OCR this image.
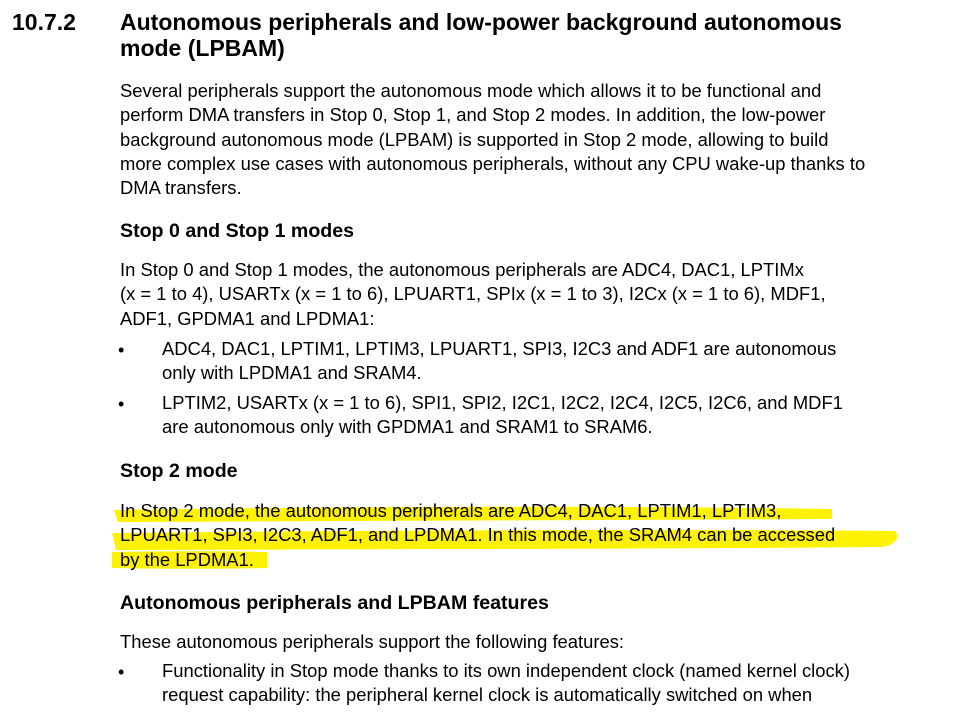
10.7.2 Autonomous peripherals and low-power background autonomous
mode (LPBAM)
Several peripherals support the autonomous mode which allows it to be functional and
perform DMA transfers in Stop 0, Stop 1, and Stop 2 modes. In addition, the low-power
background autonomous mode (LPBAM) is supported in Stop 2 mode, allowing to build
more complex use cases with autonomous peripherals, without any CPU wake-up thanks to
DMA transfers.
Stop 0 and Stop 1 modes
In Stop 0 and Stop 1 modes, the autonomous peripherals are ADC4, DAC1, LPTIMx
(x = 1 to 4), USARTx (x = 1 to 6), LPUART1, SPIx (x = 1 to 3), I2Cx (x = 1 to 6), MDF1,
ADF1, GPDMA1 and LPDMA1:
• ADC4, DAC1, LPTIM1, LPTIM3, LPUART1, SPI3, I2C3 and ADF1 are autonomous
only with LPDMA1 and SRAM4.
• LPTIM2, USARTx (x = 1 to 6), SPI1, SPI2, I2C1, I2C2, I2C4, I2C5, I2C6, and MDF1
are autonomous only with GPDMA1 and SRAM1 to SRAM6.
Stop 2 mode
In Stop 2 mode, the autonomous peripherals are ADC4, DAC1, LPTIM1, LPTIM3,
LPUART1, SPI3, I2C3, ADF1, and LPDMA1. In this mode, the SRAM4 can be accessed
by the LPDMA1.
Autonomous peripherals and LPBAM features
These autonomous peripherals support the following features:
• Functionality in Stop mode thanks to its own independent clock (named kernel clock)
request capability: the peripheral kernel clock is automatically switched on when
